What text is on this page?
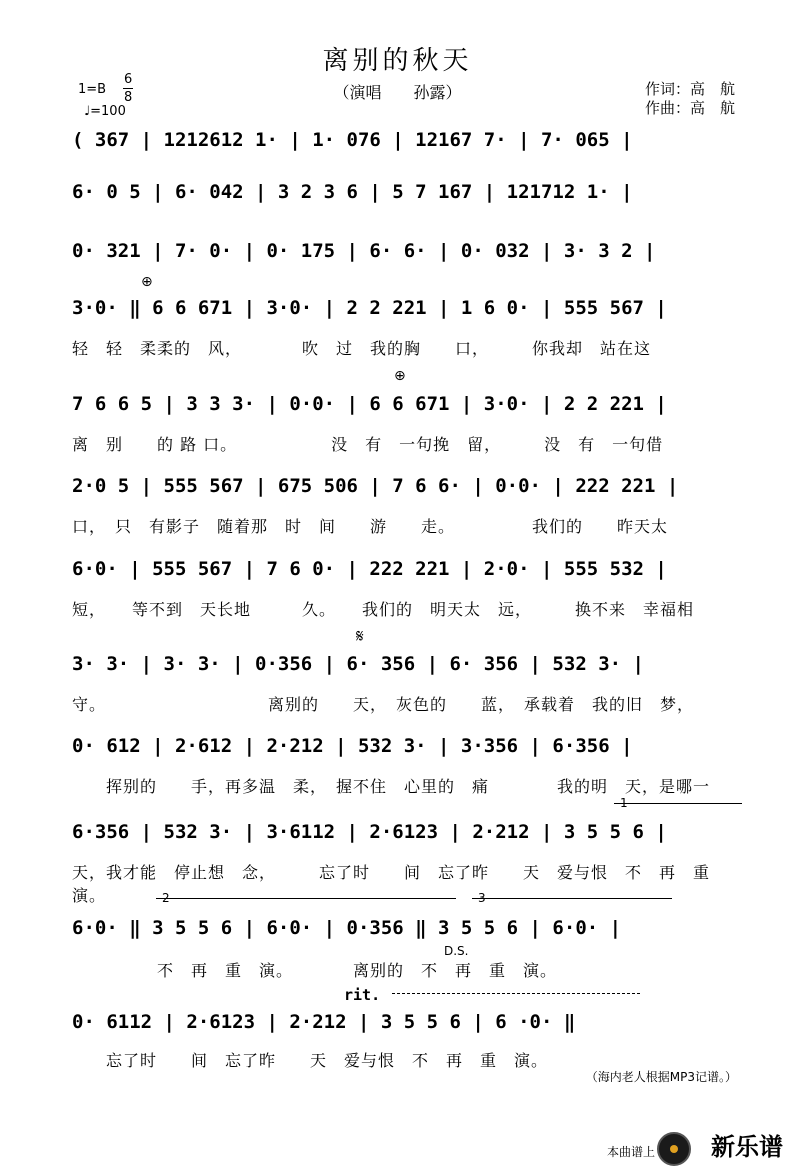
离别的秋天
（演唱　　孙露）
1=B
6
8
♩=100
作词：高　航
作曲：高　航
( 367 | 1212612 1· | 1· 076 | 12167 7· | 7· 065 |
6· 0 5 | 6· 042 | 3 2 3 6 | 5 7 167 | 121712 1· |
0· 321 | 7· 0· | 0· 175 | 6· 6· | 0· 032 | 3· 3 2 |
⊕
3·0· ‖ 6 6 671 | 3·0· | 2 2 221 | 1 6 0· | 555 567 |
轻　轻　柔柔的　风，　　　　吹　过　我的胸　　口，　　　你我却　站在这
⊕
7 6 6 5 | 3 3 3· | 0·0· | 6 6 671 | 3·0· | 2 2 221 |
离　别　　的 路 口。　　　　　　没　有　一句挽　留，　　　没　有　一句借
2·0 5 | 555 567 | 675 506 | 7 6 6· | 0·0· | 222 221 |
口，　只　有影子　随着那　时　间　　游　　走。　　　　　我们的　　昨天太
6·0· | 555 567 | 7 6 0· | 222 221 | 2·0· | 555 532 |
短，　　等不到　天长地　　　久。　　我们的　明天太　远，　　　换不来　幸福相
𝄋
3· 3· | 3· 3· | 0·356 | 6· 356 | 6· 356 | 532 3· |
守。　　　　　　　　　　离别的　　天，　灰色的　　蓝，　承载着　我的旧　梦，
0· 612 | 2·612 | 2·212 | 532 3· | 3·356 | 6·356 |
　　挥别的　　手，再多温　柔，　握不住　心里的　痛　　　　我的明　天，是哪一
6·356 | 532 3· | 3·6112 | 2·6123 | 2·212 | 3 5 5 6 |
天，我才能　停止想　念，　　　忘了时　　间　忘了昨　　天　爱与恨　不　再　重　演。
6·0· ‖ 3 5 5 6 | 6·0· | 0·356 ‖ 3 5 5 6 | 6·0· |
D.S.
　　　　　不　再　重　演。　　　　离别的　不　再　重　演。
rit.
0· 6112 | 2·6123 | 2·212 | 3 5 5 6 | 6 ·0· ‖
　　忘了时　　间　忘了昨　　天　爱与恨　不　再　重　演。
（海内老人根据MP3记谱。）
本曲谱上 新乐谱
